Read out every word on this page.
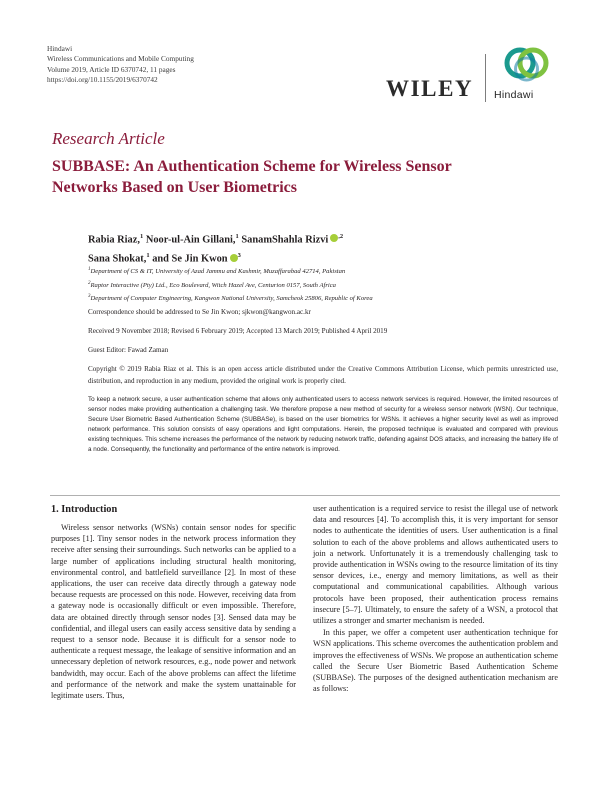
Hindawi
Wireless Communications and Mobile Computing
Volume 2019, Article ID 6370742, 11 pages
https://doi.org/10.1155/2019/6370742	WILEY Hindawi
Research Article
SUBBASE: An Authentication Scheme for Wireless Sensor Networks Based on User Biometrics
Rabia Riaz,$^1$ Noor-ul-Ain Gillani,$^1$ SanamShahla Rizvi $^{,2}$
Sana Shokat,$^1$ and Se Jin Kwon $^3$
$^1$Department of CS & IT, University of Azad Jammu and Kashmir, Muzaffarabad 42714, Pakistan
$^2$Raptor Interactive (Pty) Ltd., Eco Boulevard, Witch Hazel Ave, Centurion 0157, South Africa
$^3$Department of Computer Engineering, Kangwon National University, Samcheok 25806, Republic of Korea
Correspondence should be addressed to Se Jin Kwon; sjkwon@kangwon.ac.kr
Received 9 November 2018; Revised 6 February 2019; Accepted 13 March 2019; Published 4 April 2019
Guest Editor: Fawad Zaman
Copyright © 2019 Rabia Riaz et al. This is an open access article distributed under the Creative Commons Attribution License, which permits unrestricted use, distribution, and reproduction in any medium, provided the original work is properly cited.
To keep a network secure, a user authentication scheme that allows only authenticated users to access network services is required. However, the limited resources of sensor nodes make providing authentication a challenging task. We therefore propose a new method of security for a wireless sensor network (WSN). Our technique, Secure User Biometric Based Authentication Scheme (SUBBASe), is based on the user biometrics for WSNs. It achieves a higher security level as well as improved network performance. This solution consists of easy operations and light computations. Herein, the proposed technique is evaluated and compared with previous existing techniques. This scheme increases the performance of the network by reducing network traffic, defending against DOS attacks, and increasing the battery life of a node. Consequently, the functionality and performance of the entire network is improved.
1. Introduction

Wireless sensor networks (WSNs) contain sensor nodes for specific purposes [1]. Tiny sensor nodes in the network process information they receive after sensing their surroundings. Such networks can be applied to a large number of applications including structural health monitoring, environmental control, and battlefield surveillance [2]. In most of these applications, the user can receive data directly through a gateway node because requests are processed on this node. However, receiving data from a gateway node is occasionally difficult or even impossible. Therefore, data are obtained directly through sensor nodes [3]. Sensed data may be confidential, and illegal users can easily access sensitive data by sending a request to a sensor node. Because it is difficult for a sensor node to authenticate a request message, the leakage of sensitive information and an unnecessary depletion of network resources, e.g., node power and network bandwidth, may occur. Each of the above problems can affect the lifetime and performance of the network and make the system unattainable for legitimate users. Thus,

user authentication is a required service to resist the illegal use of network data and resources [4]. To accomplish this, it is very important for sensor nodes to authenticate the identities of users. User authentication is a final solution to each of the above problems and allows authenticated users to join a network. Unfortunately it is a tremendously challenging task to provide authentication in WSNs owing to the resource limitation of its tiny sensor devices, i.e., energy and memory limitations, as well as their computational and communicational capabilities. Although various protocols have been proposed, their authentication process remains insecure [5–7]. Ultimately, to ensure the safety of a WSN, a protocol that utilizes a stronger and smarter mechanism is needed.

In this paper, we offer a competent user authentication technique for WSN applications. This scheme overcomes the authentication problem and improves the effectiveness of WSNs. We propose an authentication scheme called the Secure User Biometric Based Authentication Scheme (SUBBASe). The purposes of the designed authentication mechanism are as follows:
